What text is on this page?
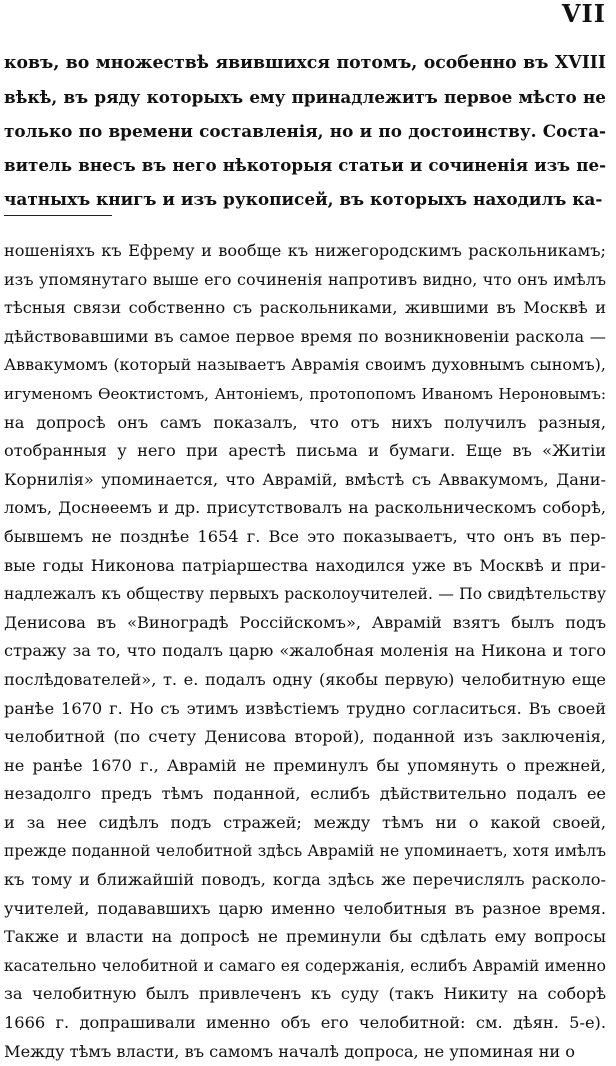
VII
ковъ, во множествѣ явившихся потомъ, особенно въ XVIII
вѣкѣ, въ ряду которыхъ ему принадлежитъ первое мѣсто не
только по времени составленія, но и по достоинству. Соста-
витель внесъ въ него нѣкоторыя статьи и сочиненія изъ пе-
чатныхъ книгъ и изъ рукописей, въ которыхъ находилъ ка-
ношеніяхъ къ Ефрему и вообще къ нижегородскимъ раскольникамъ;
изъ упомянутаго выше его сочиненія напротивъ видно, что онъ имѣлъ
тѣсныя связи собственно съ раскольниками, жившими въ Москвѣ и
дѣйствовавшими въ самое первое время по возникновеніи раскола —
Аввакумомъ (который называетъ Аврамія своимъ духовнымъ сыномъ),
игуменомъ Ѳеоктистомъ, Антоніемъ, протопопомъ Иваномъ Нероновымъ:
на допросѣ онъ самъ показалъ, что отъ нихъ получилъ разныя,
отобранныя у него при арестѣ письма и бумаги. Еще въ «Житіи
Корнилія» упоминается, что Аврамій, вмѣстѣ съ Аввакумомъ, Дани-
ломъ, Доснѳеемъ и др. присутствовалъ на раскольническомъ соборѣ,
бывшемъ не позднѣе 1654 г. Все это показываетъ, что онъ въ пер-
вые годы Никонова патріаршества находился уже въ Москвѣ и при-
надлежалъ къ обществу первыхъ расколоучителей. — По свидѣтельству
Денисова въ «Виноградѣ Россійскомъ», Аврамій взятъ былъ подъ
стражу за то, что подалъ царю «жалобная моленія на Никона и того
послѣдователей», т. е. подалъ одну (якобы первую) челобитную еще
ранѣе 1670 г. Но съ этимъ извѣстіемъ трудно согласиться. Въ своей
челобитной (по счету Денисова второй), поданной изъ заключенія,
не ранѣе 1670 г., Аврамій не преминулъ бы упомянуть о прежней,
незадолго предъ тѣмъ поданной, еслибъ дѣйствительно подалъ ее
и за нее сидѣлъ подъ стражей; между тѣмъ ни о какой своей,
прежде поданной челобитной здѣсь Аврамій не упоминаетъ, хотя имѣлъ
къ тому и ближайшій поводъ, когда здѣсь же перечислялъ расколо-
учителей, подававшихъ царю именно челобитныя въ разное время.
Также и власти на допросѣ не преминули бы сдѣлать ему вопросы
касательно челобитной и самаго ея содержанія, еслибъ Аврамій именно
за челобитную былъ привлеченъ къ суду (такъ Никиту на соборѣ
1666 г. допрашивали именно объ его челобитной: см. дѣян. 5-е).
Между тѣмъ власти, въ самомъ началѣ допроса, не упоминая ни о
